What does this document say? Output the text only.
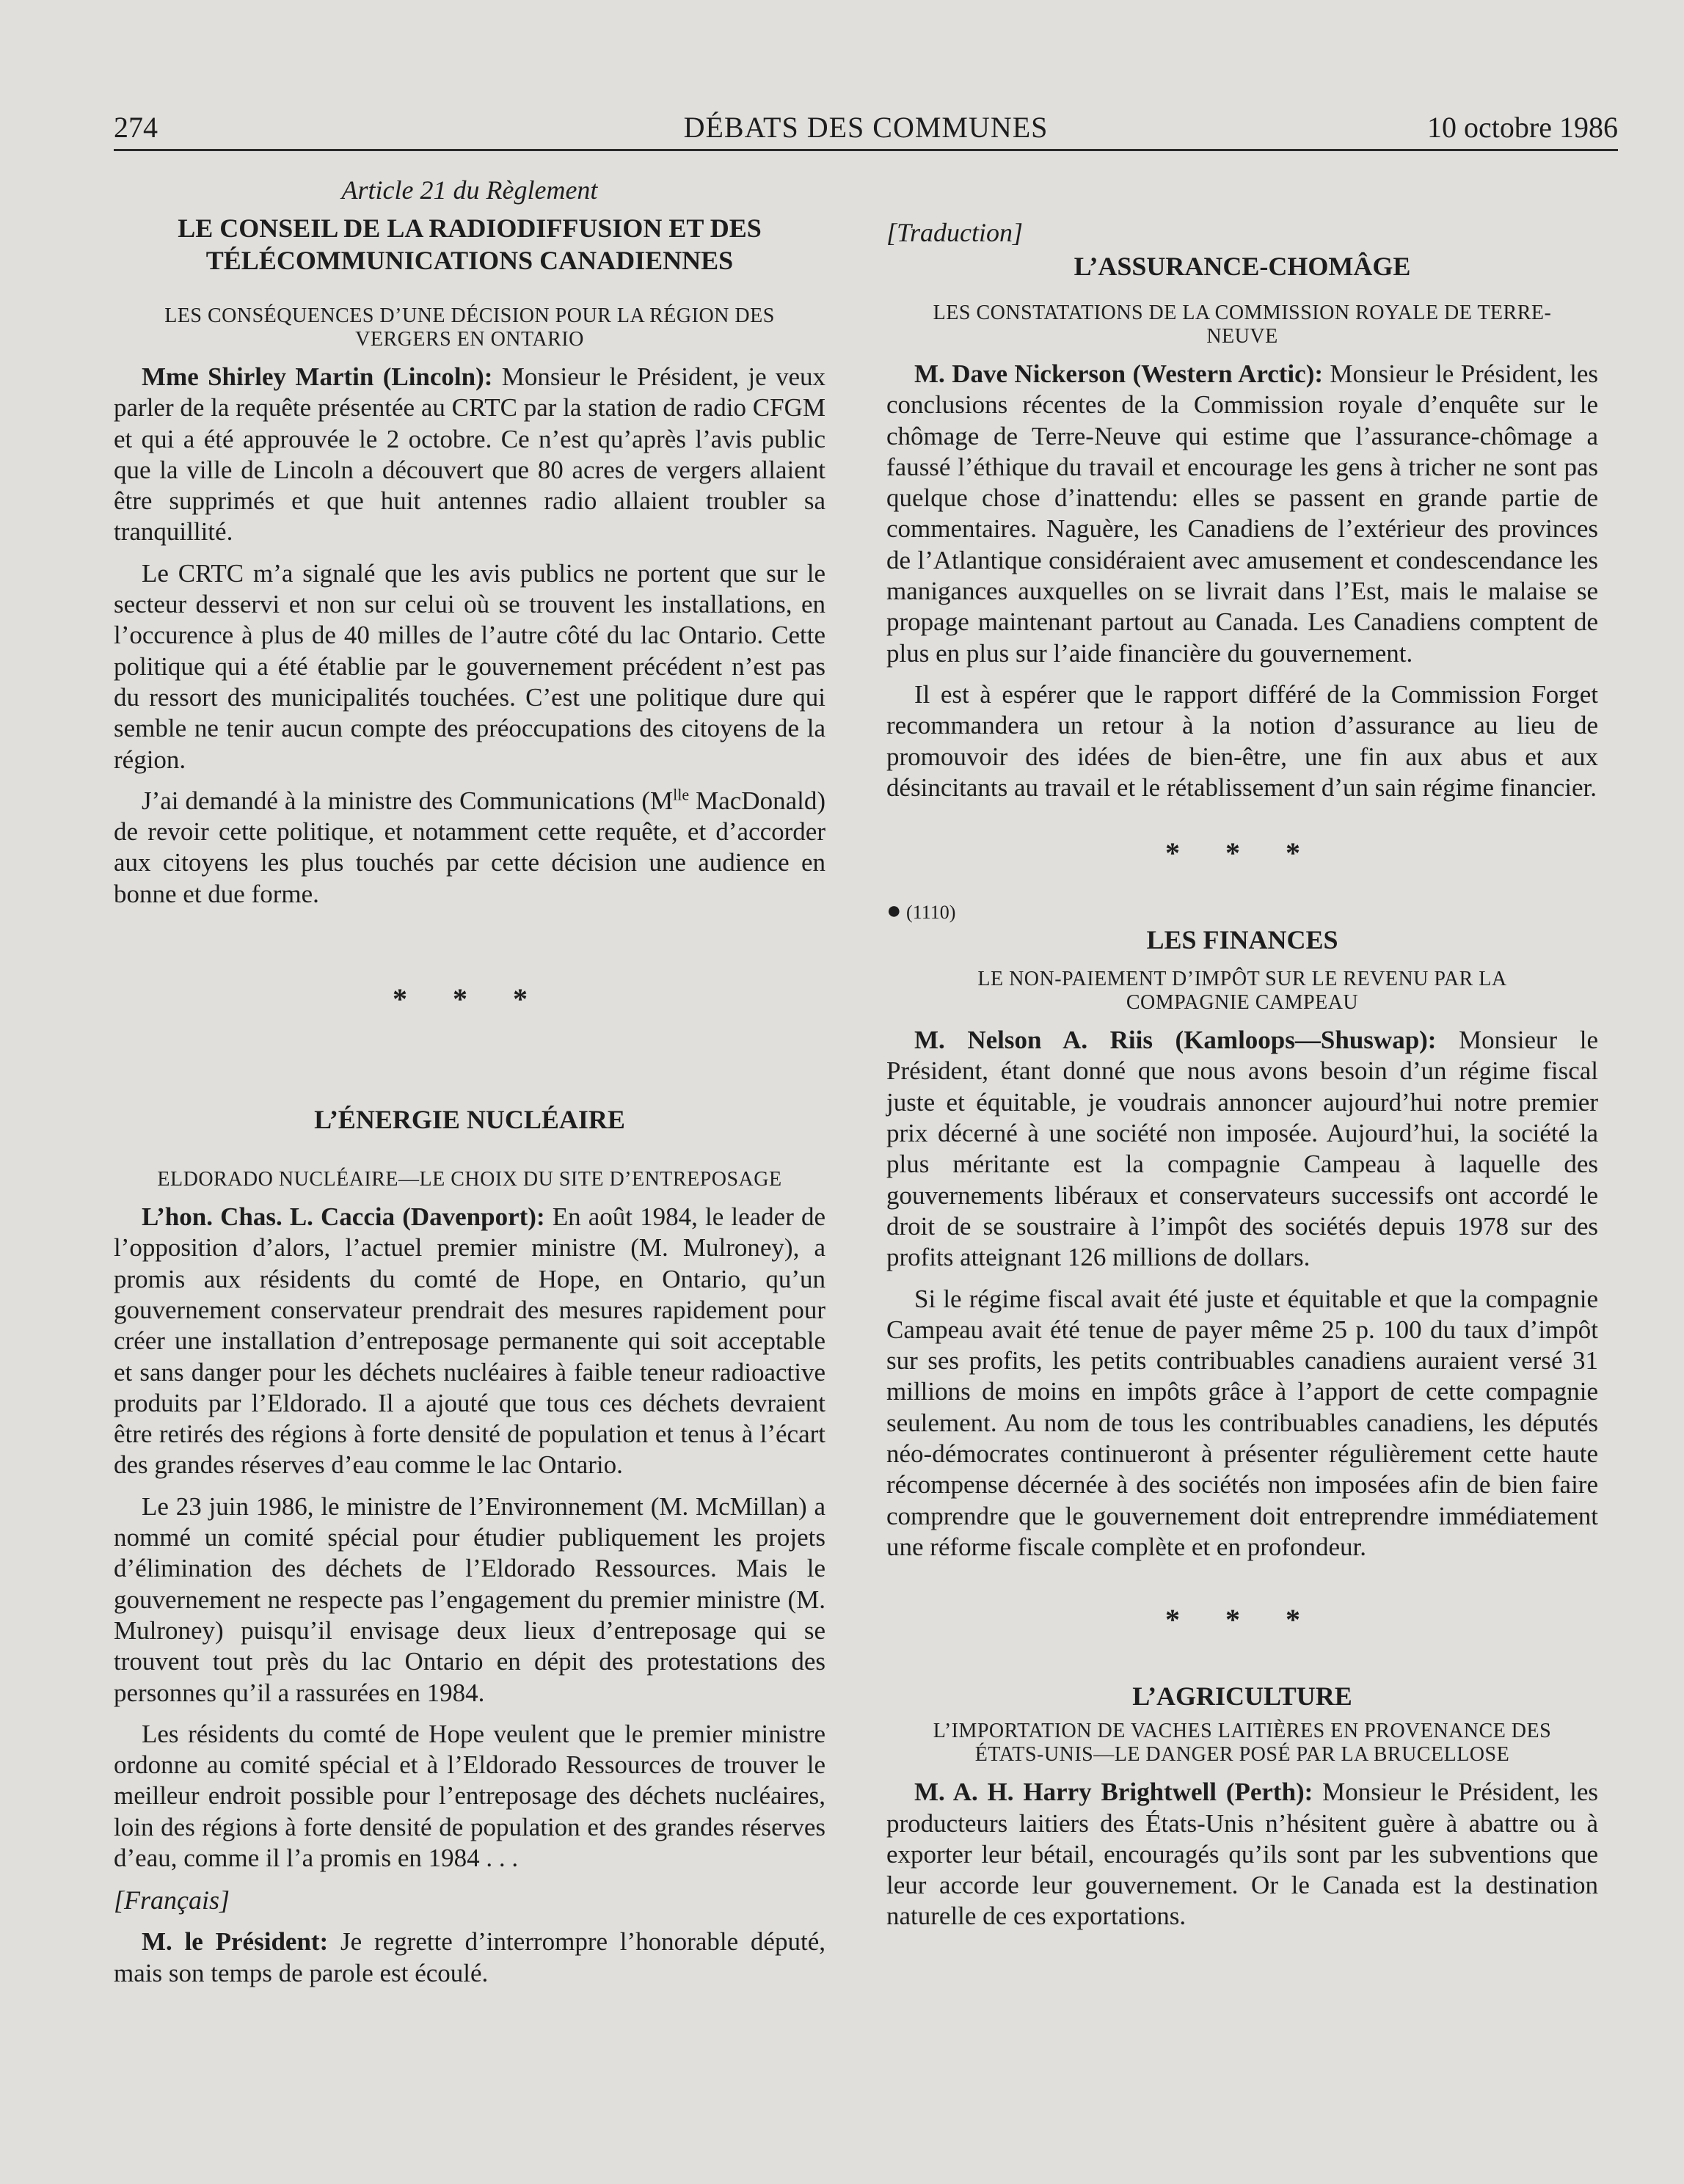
274	DÉBATS DES COMMUNES	10 octobre 1986
Article 21 du Règlement
LE CONSEIL DE LA RADIODIFFUSION ET DES
TÉLÉCOMMUNICATIONS CANADIENNES
LES CONSÉQUENCES D’UNE DÉCISION POUR LA RÉGION DES
VERGERS EN ONTARIO

Mme Shirley Martin (Lincoln): Monsieur le Président, je veux parler de la requête présentée au CRTC par la station de radio CFGM et qui a été approuvée le 2 octobre. Ce n’est qu’après l’avis public que la ville de Lincoln a découvert que 80 acres de vergers allaient être supprimés et que huit antennes radio allaient troubler sa tranquillité.

Le CRTC m’a signalé que les avis publics ne portent que sur le secteur desservi et non sur celui où se trouvent les installations, en l’occurence à plus de 40 milles de l’autre côté du lac Ontario. Cette politique qui a été établie par le gouvernement précédent n’est pas du ressort des municipalités touchées. C’est une politique dure qui semble ne tenir aucun compte des préoccupations des citoyens de la région.

J’ai demandé à la ministre des Communications ($M^{lle}$ MacDonald) de revoir cette politique, et notamment cette requête, et d’accorder aux citoyens les plus touchés par cette décision une audience en bonne et due forme.

* * *
L’ÉNERGIE NUCLÉAIRE
ELDORADO NUCLÉAIRE—LE CHOIX DU SITE D’ENTREPOSAGE

L’hon. Chas. L. Caccia (Davenport): En août 1984, le leader de l’opposition d’alors, l’actuel premier ministre (M. Mulroney), a promis aux résidents du comté de Hope, en Ontario, qu’un gouvernement conservateur prendrait des mesures rapidement pour créer une installation d’entreposage permanente qui soit acceptable et sans danger pour les déchets nucléaires à faible teneur radioactive produits par l’Eldorado. Il a ajouté que tous ces déchets devraient être retirés des régions à forte densité de population et tenus à l’écart des grandes réserves d’eau comme le lac Ontario.

Le 23 juin 1986, le ministre de l’Environnement (M. McMillan) a nommé un comité spécial pour étudier publiquement les projets d’élimination des déchets de l’Eldorado Ressources. Mais le gouvernement ne respecte pas l’engagement du premier ministre (M. Mulroney) puisqu’il envisage deux lieux d’entreposage qui se trouvent tout près du lac Ontario en dépit des protestations des personnes qu’il a rassurées en 1984.

Les résidents du comté de Hope veulent que le premier ministre ordonne au comité spécial et à l’Eldorado Ressources de trouver le meilleur endroit possible pour l’entreposage des déchets nucléaires, loin des régions à forte densité de population et des grandes réserves d’eau, comme il l’a promis en 1984 . . .

[Français]

M. le Président: Je regrette d’interrompre l’honorable député, mais son temps de parole est écoulé.

[Traduction]
L’ASSURANCE-CHOMÂGE
LES CONSTATATIONS DE LA COMMISSION ROYALE DE TERRE-
NEUVE

M. Dave Nickerson (Western Arctic): Monsieur le Président, les conclusions récentes de la Commission royale d’enquête sur le chômage de Terre-Neuve qui estime que l’assurance-chômage a faussé l’éthique du travail et encourage les gens à tricher ne sont pas quelque chose d’inattendu: elles se passent en grande partie de commentaires. Naguère, les Canadiens de l’extérieur des provinces de l’Atlantique considéraient avec amusement et condescendance les manigances auxquelles on se livrait dans l’Est, mais le malaise se propage maintenant partout au Canada. Les Canadiens comptent de plus en plus sur l’aide financière du gouvernement.

Il est à espérer que le rapport différé de la Commission Forget recommandera un retour à la notion d’assurance au lieu de promouvoir des idées de bien-être, une fin aux abus et aux désincitants au travail et le rétablissement d’un sain régime financier.

* * *
● (1110)
LES FINANCES
LE NON-PAIEMENT D’IMPÔT SUR LE REVENU PAR LA
COMPAGNIE CAMPEAU

M. Nelson A. Riis (Kamloops—Shuswap): Monsieur le Président, étant donné que nous avons besoin d’un régime fiscal juste et équitable, je voudrais annoncer aujourd’hui notre premier prix décerné à une société non imposée. Aujourd’hui, la société la plus méritante est la compagnie Campeau à laquelle des gouvernements libéraux et conservateurs successifs ont accordé le droit de se soustraire à l’impôt des sociétés depuis 1978 sur des profits atteignant 126 millions de dollars.

Si le régime fiscal avait été juste et équitable et que la compagnie Campeau avait été tenue de payer même 25 p. 100 du taux d’impôt sur ses profits, les petits contribuables canadiens auraient versé 31 millions de moins en impôts grâce à l’apport de cette compagnie seulement. Au nom de tous les contribuables canadiens, les députés néo-démocrates continueront à présenter régulièrement cette haute récompense décernée à des sociétés non imposées afin de bien faire comprendre que le gouvernement doit entreprendre immédiatement une réforme fiscale complète et en profondeur.

* * *
L’AGRICULTURE
L’IMPORTATION DE VACHES LAITIÈRES EN PROVENANCE DES
ÉTATS-UNIS—LE DANGER POSÉ PAR LA BRUCELLOSE

M. A. H. Harry Brightwell (Perth): Monsieur le Président, les producteurs laitiers des États-Unis n’hésitent guère à abattre ou à exporter leur bétail, encouragés qu’ils sont par les subventions que leur accorde leur gouvernement. Or le Canada est la destination naturelle de ces exportations.
